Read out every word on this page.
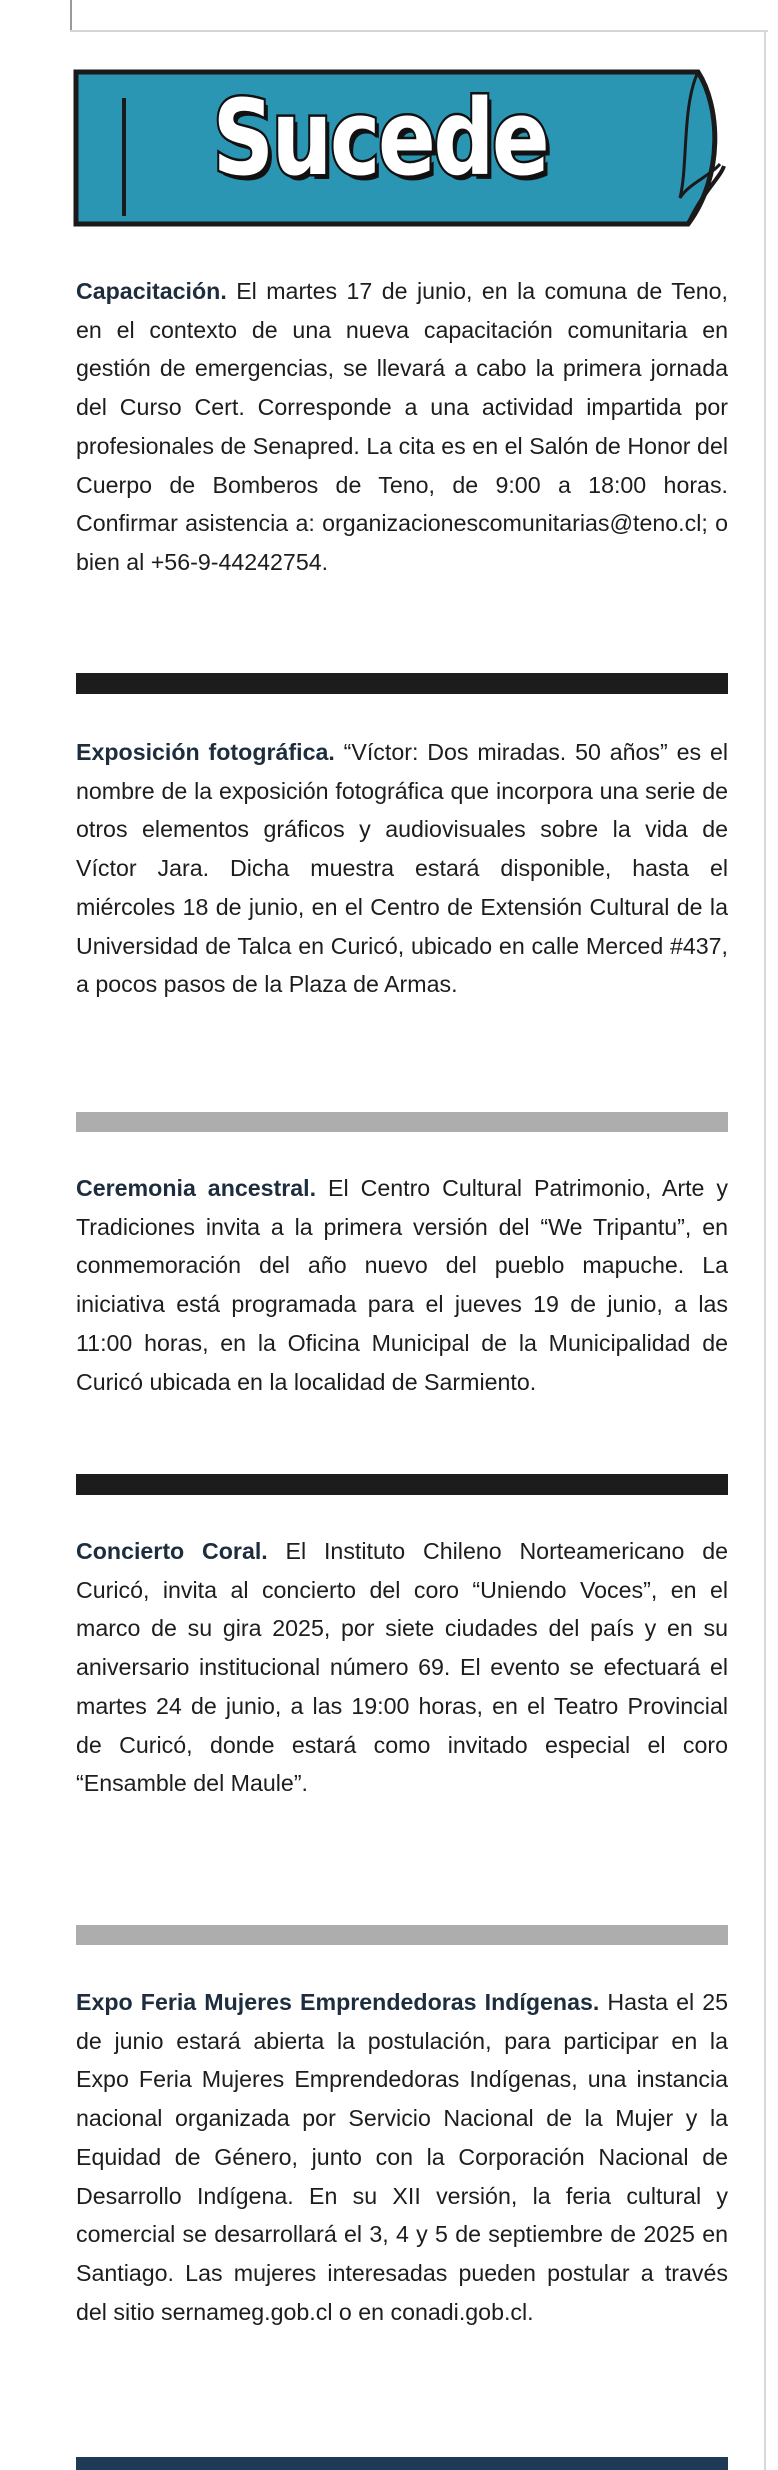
Sucede
Capacitación. El martes 17 de junio, en la comuna de Teno, en el contexto de una nueva capacitación comunitaria en gestión de emergencias, se llevará a cabo la primera jornada del Curso Cert. Corresponde a una actividad impartida por profesionales de Senapred. La cita es en el Salón de Honor del Cuerpo de Bomberos de Teno, de 9:00 a 18:00 horas. Confirmar asistencia a: organizacionescomunitarias@teno.cl; o bien al +56-9-44242754.
Exposición fotográfica. “Víctor: Dos miradas. 50 años” es el nombre de la exposición fotográfica que incorpora una serie de otros elementos gráficos y audiovisuales sobre la vida de Víctor Jara. Dicha muestra estará disponible, hasta el miércoles 18 de junio, en el Centro de Extensión Cultural de la Universidad de Talca en Curicó, ubicado en calle Merced #437, a pocos pasos de la Plaza de Armas.
Ceremonia ancestral. El Centro Cultural Patrimonio, Arte y Tradiciones invita a la primera versión del “We Tripantu”, en conmemoración del año nuevo del pueblo mapuche. La iniciativa está programada para el jueves 19 de junio, a las 11:00 horas, en la Oficina Municipal de la Municipalidad de Curicó ubicada en la localidad de Sarmiento.
Concierto Coral. El Instituto Chileno Norteamericano de Curicó, invita al concierto del coro “Uniendo Voces”, en el marco de su gira 2025, por siete ciudades del país y en su aniversario institucional número 69. El evento se efectuará el martes 24 de junio, a las 19:00 horas, en el Teatro Provincial de Curicó, donde estará como invitado especial el coro “Ensamble del Maule”.
Expo Feria Mujeres Emprendedoras Indígenas. Hasta el 25 de junio estará abierta la postulación, para participar en la Expo Feria Mujeres Emprendedoras Indígenas, una instancia nacional organizada por Servicio Nacional de la Mujer y la Equidad de Género, junto con la Corporación Nacional de Desarrollo Indígena. En su XII versión, la feria cultural y comercial se desarrollará el 3, 4 y 5 de septiembre de 2025 en Santiago. Las mujeres interesadas pueden postular a través del sitio sernameg.gob.cl o en conadi.gob.cl.
